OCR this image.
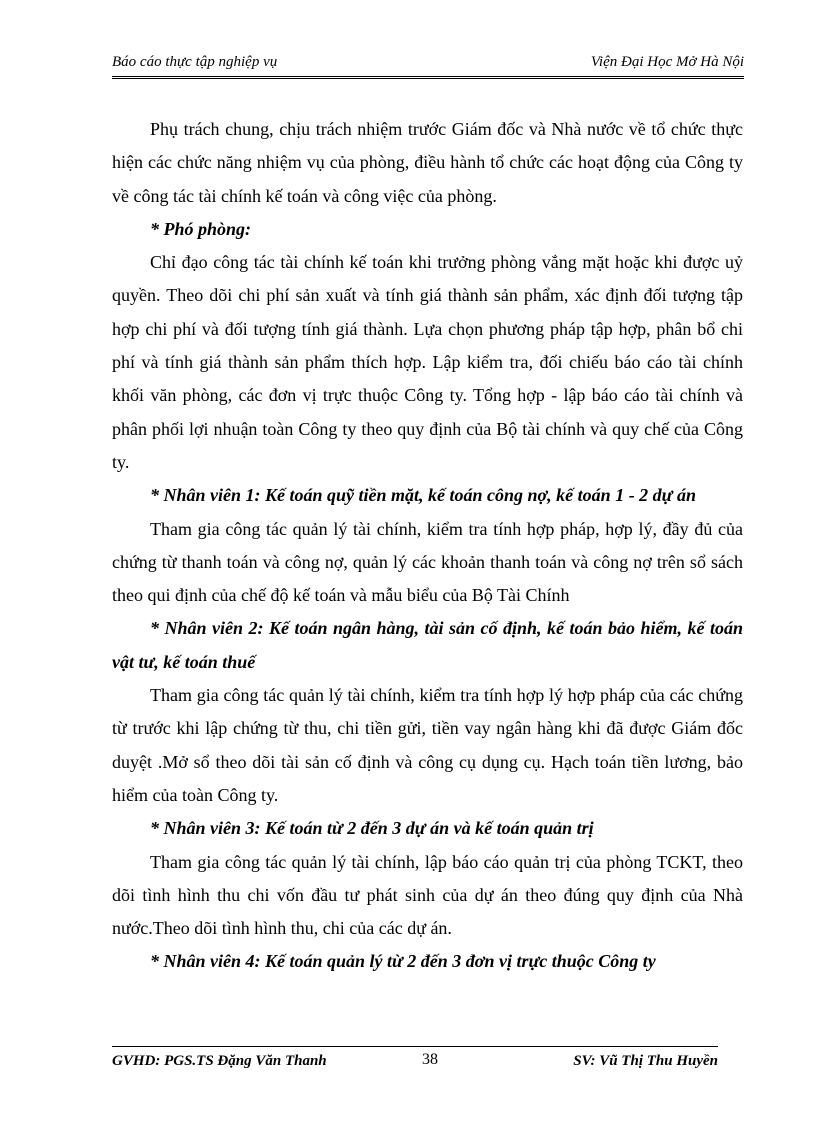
Báo cáo thực tập nghiệp vụ	Viện Đại Học Mở Hà Nội

Phụ trách chung, chịu trách nhiệm trước Giám đốc và Nhà nước về tổ chức thực hiện các chức năng nhiệm vụ của phòng, điều hành tổ chức các hoạt động của Công ty về công tác tài chính kế toán và công việc của phòng.

* Phó phòng:

Chỉ đạo công tác tài chính kế toán khi trưởng phòng vắng mặt hoặc khi được uỷ quyền. Theo dõi chi phí sản xuất và tính giá thành sản phẩm, xác định đối tượng tập hợp chi phí và đối tượng tính giá thành. Lựa chọn phương pháp tập hợp, phân bổ chi phí và tính giá thành sản phẩm thích hợp. Lập kiểm tra, đối chiếu báo cáo tài chính khối văn phòng, các đơn vị trực thuộc Công ty. Tổng hợp - lập báo cáo tài chính và phân phối lợi nhuận toàn Công ty theo quy định của Bộ tài chính và quy chế của Công ty.

* Nhân viên 1: Kế toán quỹ tiền mặt, kế toán công nợ, kế toán 1 - 2 dự án

Tham gia công tác quản lý tài chính, kiểm tra tính hợp pháp, hợp lý, đầy đủ của chứng từ thanh toán và công nợ, quản lý các khoản thanh toán và công nợ trên sổ sách theo qui định của chế độ kế toán và mẫu biểu của Bộ Tài Chính

* Nhân viên 2: Kế toán ngân hàng, tài sản cố định, kế toán bảo hiểm, kế toán vật tư, kế toán thuế

Tham gia công tác quản lý tài chính, kiểm tra tính hợp lý hợp pháp của các chứng từ trước khi lập chứng từ thu, chi tiền gửi, tiền vay ngân hàng khi đã được Giám đốc duyệt .Mở sổ theo dõi tài sản cố định và công cụ dụng cụ. Hạch toán tiền lương, bảo hiểm của toàn Công ty.

* Nhân viên 3: Kế toán từ 2 đến 3 dự án và kế toán quản trị

Tham gia công tác quản lý tài chính, lập báo cáo quản trị của phòng TCKT, theo dõi tình hình thu chi vốn đầu tư phát sinh của dự án theo đúng quy định của Nhà nước.Theo dõi tình hình thu, chi của các dự án.

* Nhân viên 4: Kế toán quản lý từ 2 đến 3 đơn vị trực thuộc Công ty

GVHD: PGS.TS Đặng Văn Thanh	38	SV: Vũ Thị Thu Huyền
